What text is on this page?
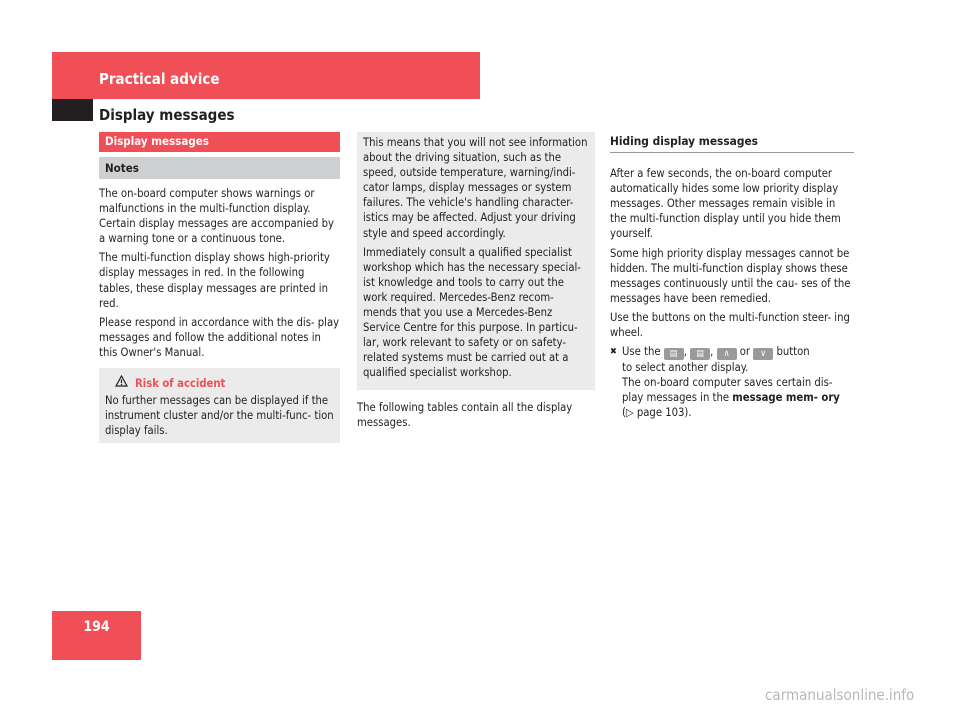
Practical advice
Display messages
Display messages
Notes

The on-board computer shows warnings or malfunctions in the multi-function display. Certain display messages are accompanied by a warning tone or a continuous tone.

The multi-function display shows high-priority display messages in red. In the following tables, these display messages are printed in red.

Please respond in accordance with the dis- play messages and follow the additional notes in this Owner's Manual.

Risk of accident
No further messages can be displayed if the instrument cluster and/or the multi-func- tion display fails.

This means that you will not see information about the driving situation, such as the speed, outside temperature, warning/indi- cator lamps, display messages or system failures. The vehicle's handling character- istics may be affected. Adjust your driving style and speed accordingly.

Immediately consult a qualified specialist workshop which has the necessary special- ist knowledge and tools to carry out the work required. Mercedes-Benz recom- mends that you use a Mercedes-Benz Service Centre for this purpose. In particu- lar, work relevant to safety or on safety- related systems must be carried out at a qualified specialist workshop.

The following tables contain all the display messages.

Hiding display messages

After a few seconds, the on-board computer automatically hides some low priority display messages. Other messages remain visible in the multi-function display until you hide them yourself.

Some high priority display messages cannot be hidden. The multi-function display shows these messages continuously until the cau- ses of the messages have been remedied.

Use the buttons on the multi-function steer- ing wheel.

✖ Use the ▤ , ▤ , ∧ or ∨ button
to select another display.
The on-board computer saves certain dis- play messages in the message mem- ory (▷ page 103).
194
carmanualsonline.info
